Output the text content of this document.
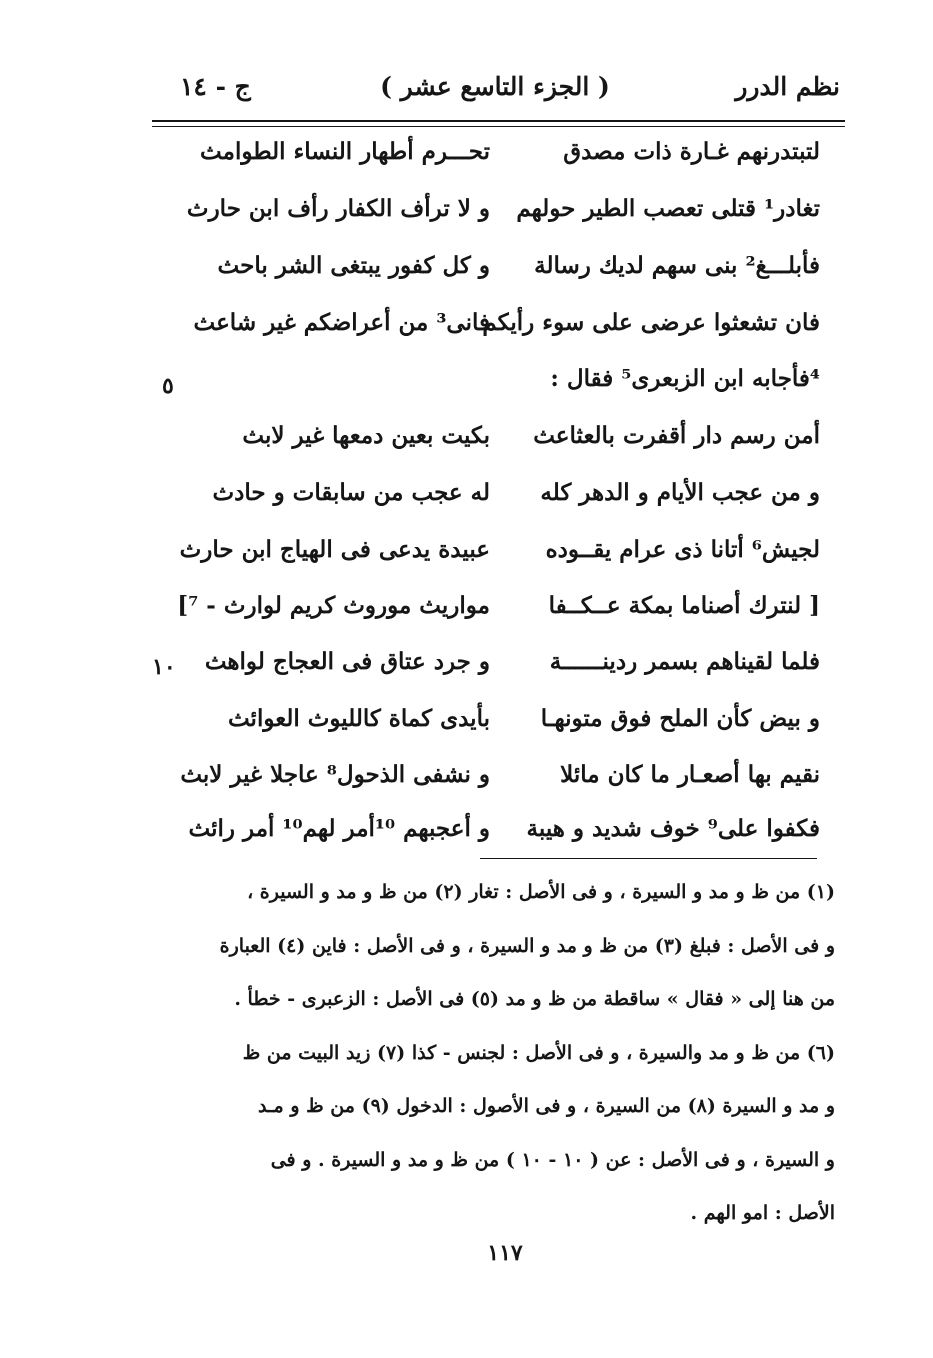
نظم الدرر
( الجزء التاسع عشر )
ج - ١٤
لتبتدرنهم غـارة ذات مصدق
تحـــرم أطهار النساء الطوامث
تغادر¹ قتلى تعصب الطير حولهم
و لا ترأف الكفار رأف ابن حارث
فأبلـــغ² بنى سهم لديك رسالة
و كل كفور يبتغى الشر باحث
فان تشعثوا عرضى على سوء رأيكم
فانى³ من أعراضكم غير شاعث
⁴فأجابه ابن الزبعرى⁵ فقال :
٥
أمن رسم دار أقفرت بالعثاعث
بكيت بعين دمعها غير لابث
و من عجب الأيام و الدهر كله
له عجب من سابقات و حادث
لجيش⁶ أتانا ذى عرام يقــوده
عبيدة يدعى فى الهياج ابن حارث
[ لنترك أصناما بمكة عــكــفا
مواريث موروث كريم لوارث - ⁷]
فلما لقيناهم بسمر ردينــــــة
و جرد عتاق فى العجاج لواهث
١٠
و بيض كأن الملح فوق متونهـا
بأيدى كماة كالليوث العوائث
نقيم بها أصعـار ما كان مائلا
و نشفى الذحول⁸ عاجلا غير لابث
فكفوا على⁹ خوف شديد و هيبة
و أعجبهم ¹⁰أمر لهم¹⁰ أمر رائث
(١) من ظ و مد و السيرة ، و فى الأصل : تغار (٢) من ظ و مد و السيرة ،
و فى الأصل : فبلغ (٣) من ظ و مد و السيرة ، و فى الأصل : فاين (٤) العبارة
من هنا إلى « فقال » ساقطة من ظ و مد (٥) فى الأصل : الزعبرى - خطأ .
(٦) من ظ و مد والسيرة ، و فى الأصل : لجنس - كذا (٧) زيد البيت من ظ
و مد و السيرة (٨) من السيرة ، و فى الأصول : الدخول (٩) من ظ و مـد
و السيرة ، و فى الأصل : عن ( ١٠ - ١٠ ) من ظ و مد و السيرة . و فى
الأصل : امو الهم .
١١٧
